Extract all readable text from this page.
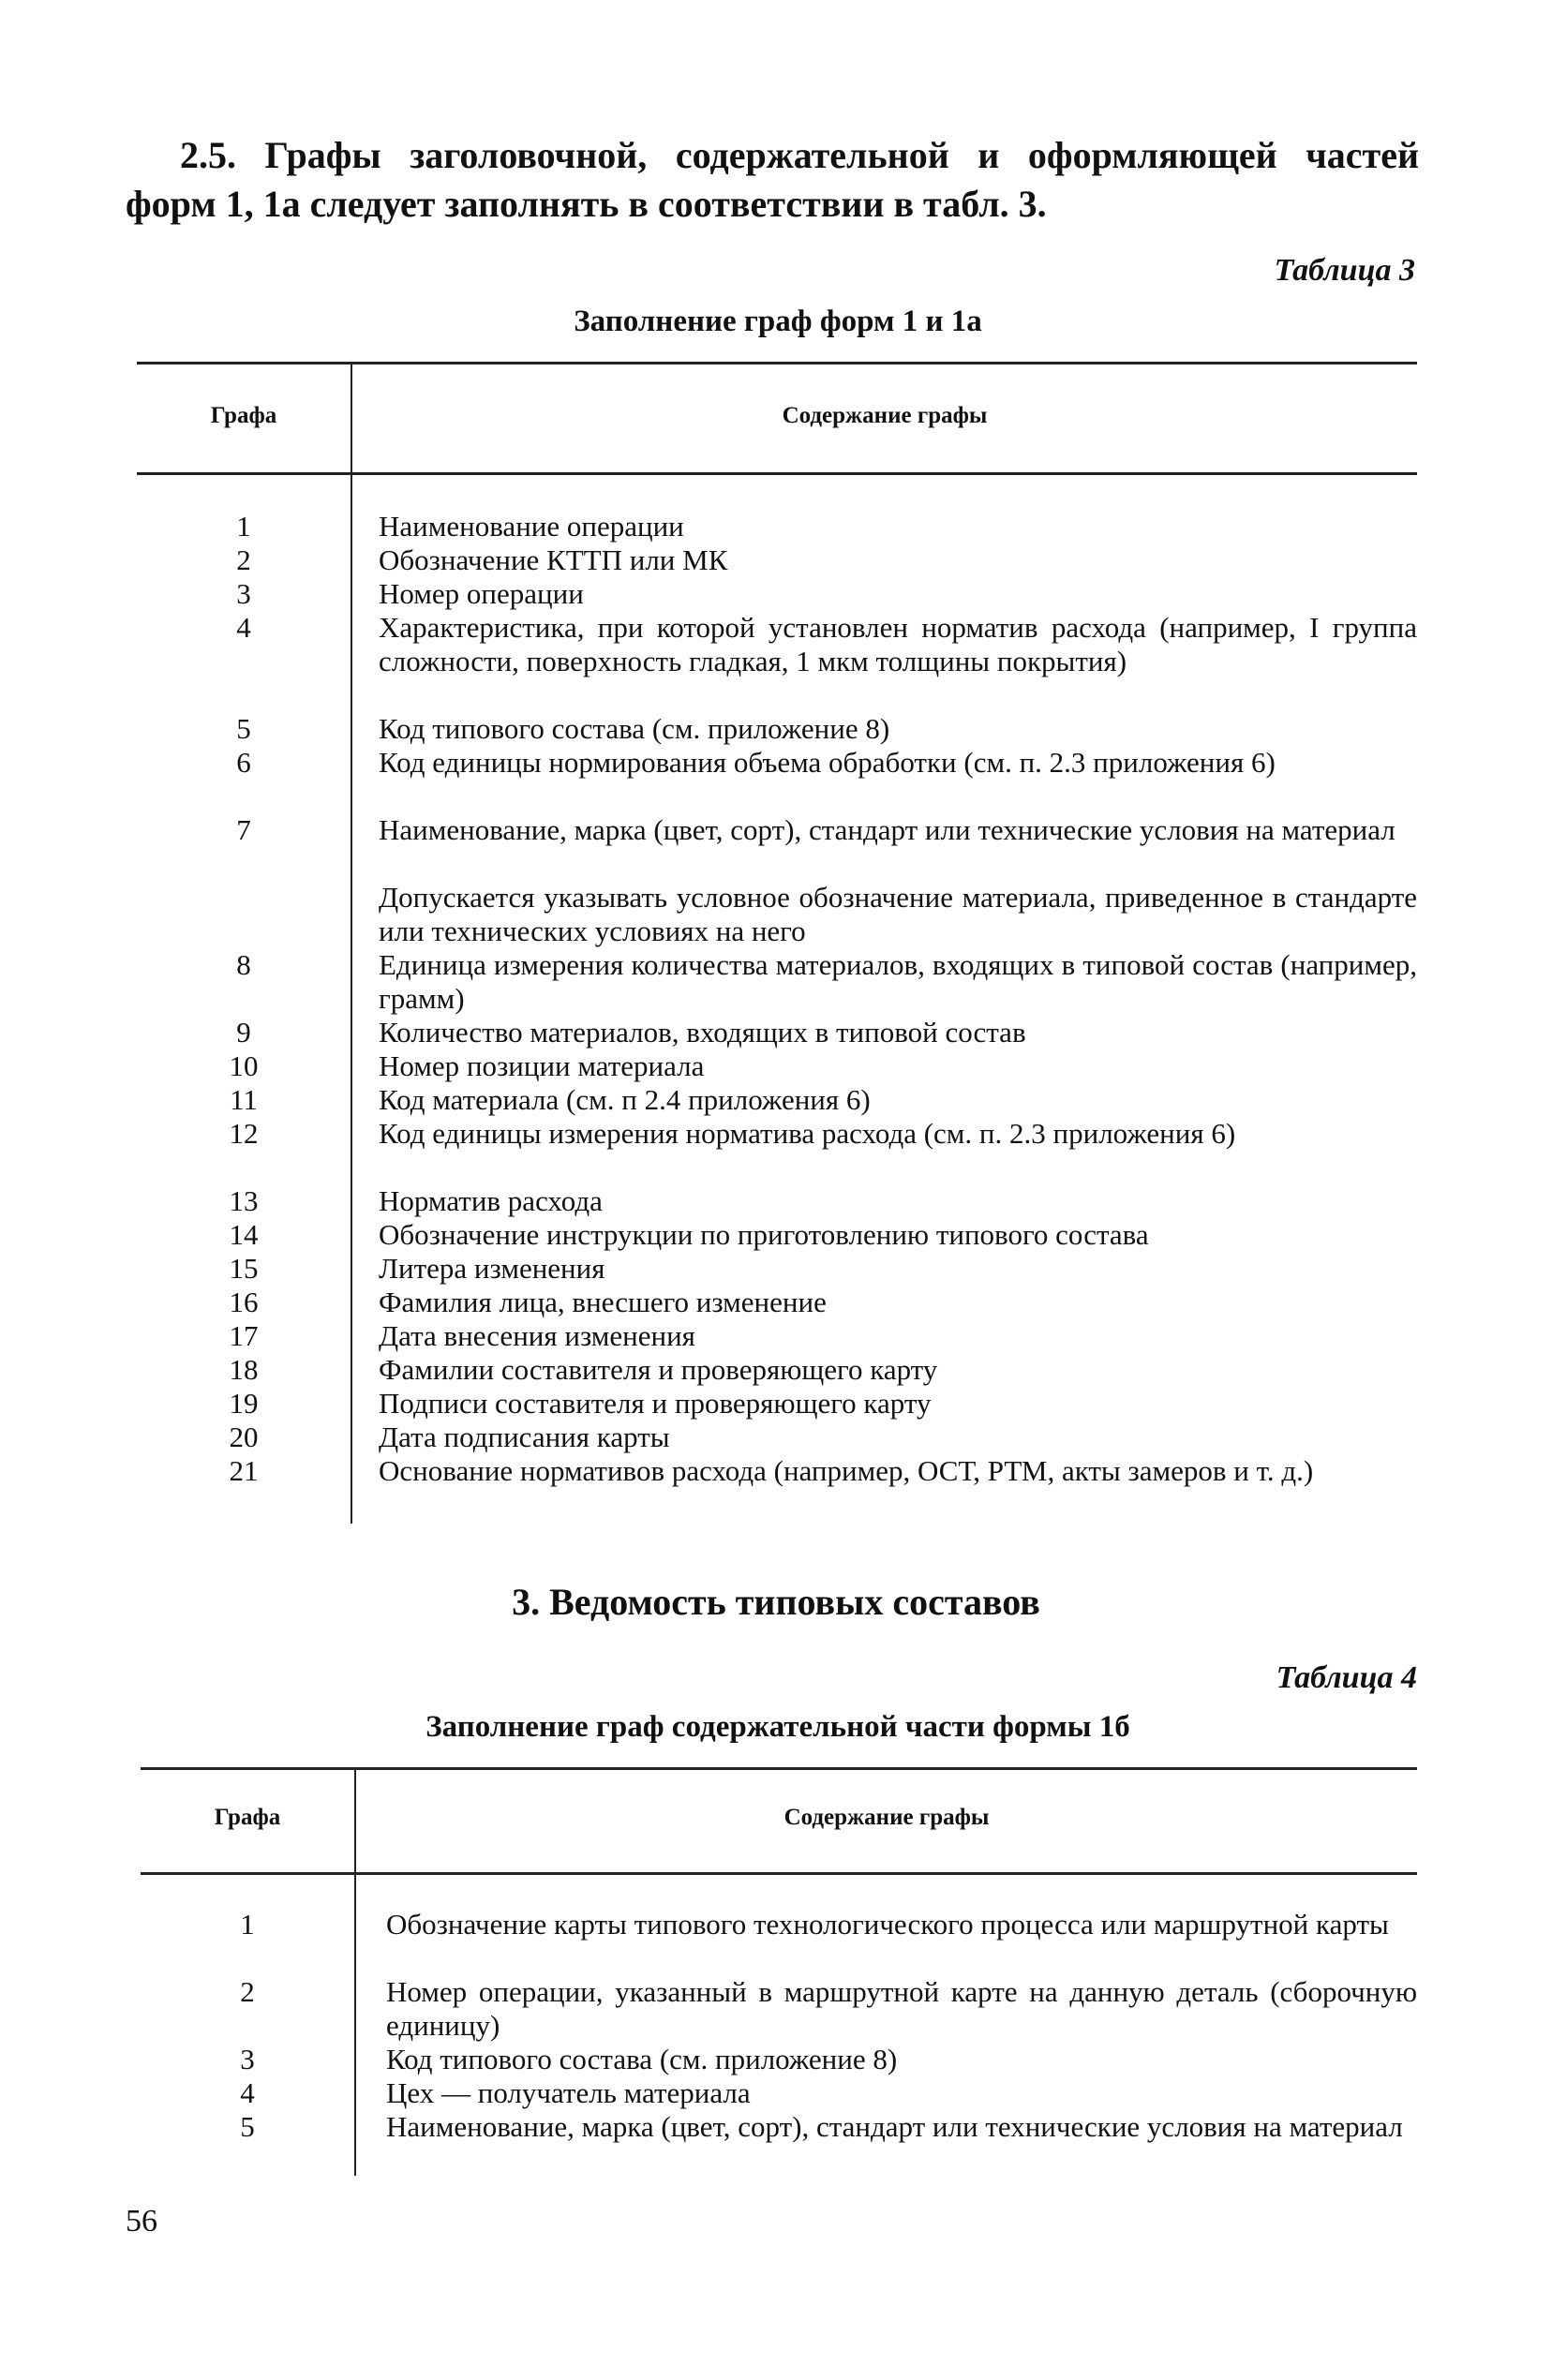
2.5. Графы заголовочной, содержательной и оформляющей частей
форм 1, 1а следует заполнять в соответствии в табл. 3.
Таблица 3
Заполнение граф форм 1 и 1а
Графа	Содержание графы
1	Наименование операции
2	Обозначение КТТП или МК
3	Номер операции
4	Характеристика, при которой установлен норматив расхода (например, I группа сложности, поверхность гладкая, 1 мкм толщины покрытия)
5	Код типового состава (см. приложение 8)
6	Код единицы нормирования объема обработки (см. п. 2.3 приложения 6)
7	Наименование, марка (цвет, сорт), стандарт или технические условия на материал
Допускается указывать условное обозначение материала, приведенное в стандарте или технических условиях на него
8	Единица измерения количества материалов, входящих в типовой состав (например, грамм)
9	Количество материалов, входящих в типовой состав
10	Номер позиции материала
11	Код материала (см. п 2.4 приложения 6)
12	Код единицы измерения норматива расхода (см. п. 2.3 приложения 6)
13	Норматив расхода
14	Обозначение инструкции по приготовлению типового состава
15	Литера изменения
16	Фамилия лица, внесшего изменение
17	Дата внесения изменения
18	Фамилии составителя и проверяющего карту
19	Подписи составителя и проверяющего карту
20	Дата подписания карты
21	Основание нормативов расхода (например, ОСТ, РТМ, акты замеров и т. д.)
3. Ведомость типовых составов
Таблица 4
Заполнение граф содержательной части формы 1б
Графа	Содержание графы
1	Обозначение карты типового технологического процесса или маршрутной карты
2	Номер операции, указанный в маршрутной карте на данную деталь (сборочную единицу)
3	Код типового состава (см. приложение 8)
4	Цех — получатель материала
5	Наименование, марка (цвет, сорт), стандарт или технические условия на материал
56
